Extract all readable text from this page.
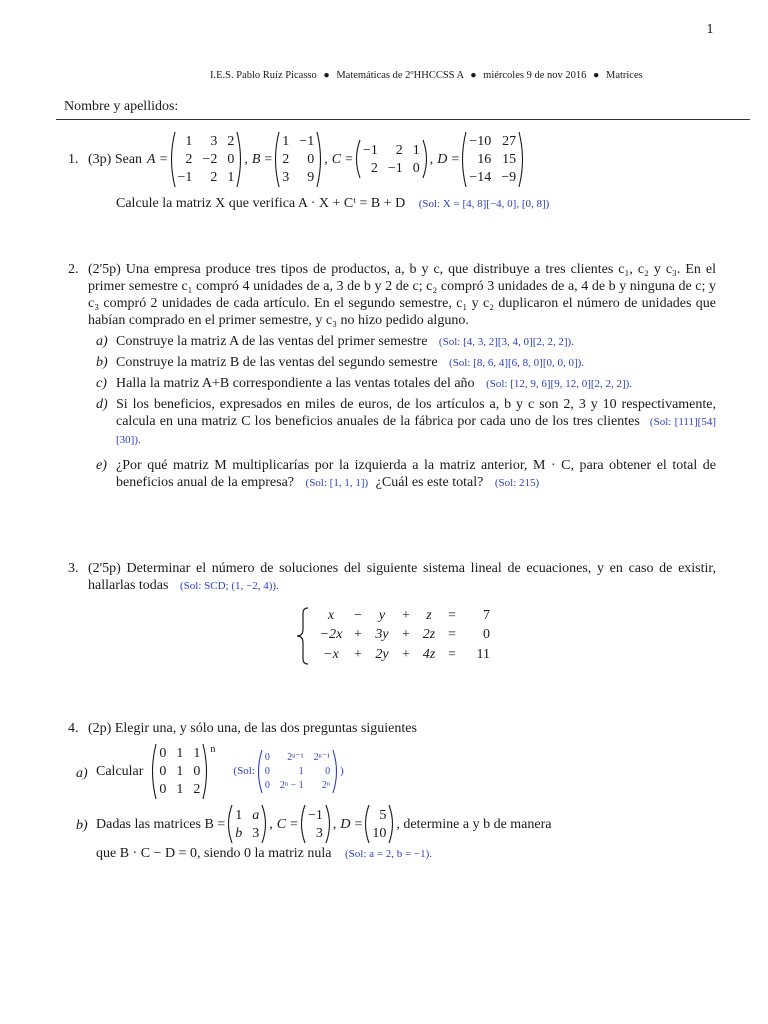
1
I.E.S. Pablo Ruíz Picasso ● Matemáticas de 2ºHHCCSS A ● miércoles 9 de nov 2016 ● Matrices
Nombre y apellidos:
1. (3p) Sean A =
1	3 2
2 −2 0
−1	2 1
, B =
1 −1
2	0
3	9
, C =
−1	2 1
2 −1 0
, D =
−10 27
16 15
−14 −9
Calcule la matriz X que verifica A · X + Cᵗ = B + D (Sol: X = [4, 8][−4, 0], [0, 8])
2. (2'5p) Una empresa produce tres tipos de productos, a, b y c, que distribuye a tres clientes c₁, c₂ y c₃. En el primer semestre c₁ compró 4 unidades de a, 3 de b y 2 de c; c₂ compró 3 unidades de a, 4 de b y ninguna de c; y c₃ compró 2 unidades de cada artículo. En el segundo semestre, c₁ y c₂ duplicaron el número de unidades que habían comprado en el primer semestre, y c₃ no hizo pedido alguno.
a) Construye la matriz A de las ventas del primer semestre (Sol: [4, 3, 2][3, 4, 0][2, 2, 2]).
b) Construye la matriz B de las ventas del segundo semestre (Sol: [8, 6, 4][6, 8, 0][0, 0, 0]).
c) Halla la matriz A+B correspondiente a las ventas totales del año (Sol: [12, 9, 6][9, 12, 0][2, 2, 2]).
d) Si los beneficios, expresados en miles de euros, de los artículos a, b y c son 2, 3 y 10 respectivamente, calcula en una matriz C los beneficios anuales de la fábrica por cada uno de los tres clientes (Sol: [111][54][30]).
e) ¿Por qué matriz M multiplicarías por la izquierda a la matriz anterior, M · C, para obtener el total de beneficios anual de la empresa? (Sol: [1, 1, 1]) ¿Cuál es este total? (Sol: 215)
3. (2'5p) Determinar el número de soluciones del siguiente sistema lineal de ecuaciones, y en caso de existir, hallarlas todas (Sol: SCD; (1, −2, 4)).
x	−	y	+	z	=	7
−2x + 3y + 2z =	0
−x	+ 2y + 4z =	11
4. (2p) Elegir una, y sólo una, de las dos preguntas siguientes
a) Calcular
0 1 1
0 1 0
0 1 2
n
(Sol:
0	2ⁿ⁻¹ 2ⁿ⁻¹
0	1	0
0 2ⁿ − 1	2ⁿ
)
b) Dadas las matrices B =
1 a
b 3
, C =
−1
3
, D =
5
10
, determine a y b de manera
que B · C − D = 0, siendo 0 la matriz nula (Sol: a = 2, b = −1).
